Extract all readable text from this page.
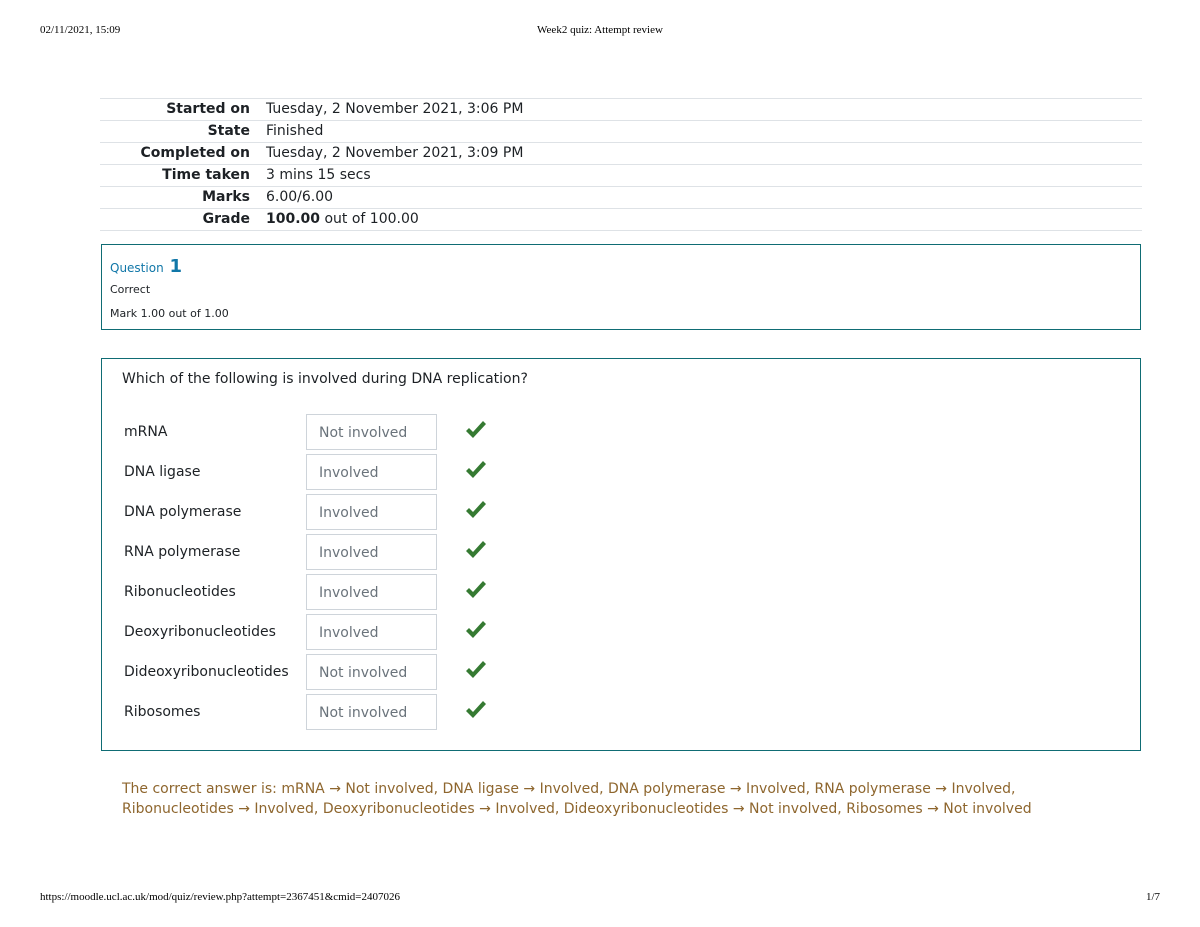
02/11/2021, 15:09	Week2 quiz: Attempt review
Started on	Tuesday, 2 November 2021, 3:06 PM
State	Finished
Completed on	Tuesday, 2 November 2021, 3:09 PM
Time taken	3 mins 15 secs
Marks	6.00/6.00
Grade	100.00 out of 100.00
Question 1
Correct
Mark 1.00 out of 1.00
Which of the following is involved during DNA replication?
mRNA	Not involved
DNA ligase	Involved
DNA polymerase	Involved
RNA polymerase	Involved
Ribonucleotides	Involved
Deoxyribonucleotides	Involved
Dideoxyribonucleotides	Not involved
Ribosomes	Not involved
The correct answer is: mRNA → Not involved, DNA ligase → Involved, DNA polymerase → Involved, RNA polymerase → Involved, Ribonucleotides → Involved, Deoxyribonucleotides → Involved, Dideoxyribonucleotides → Not involved, Ribosomes → Not involved
https://moodle.ucl.ac.uk/mod/quiz/review.php?attempt=2367451&cmid=2407026	1/7
